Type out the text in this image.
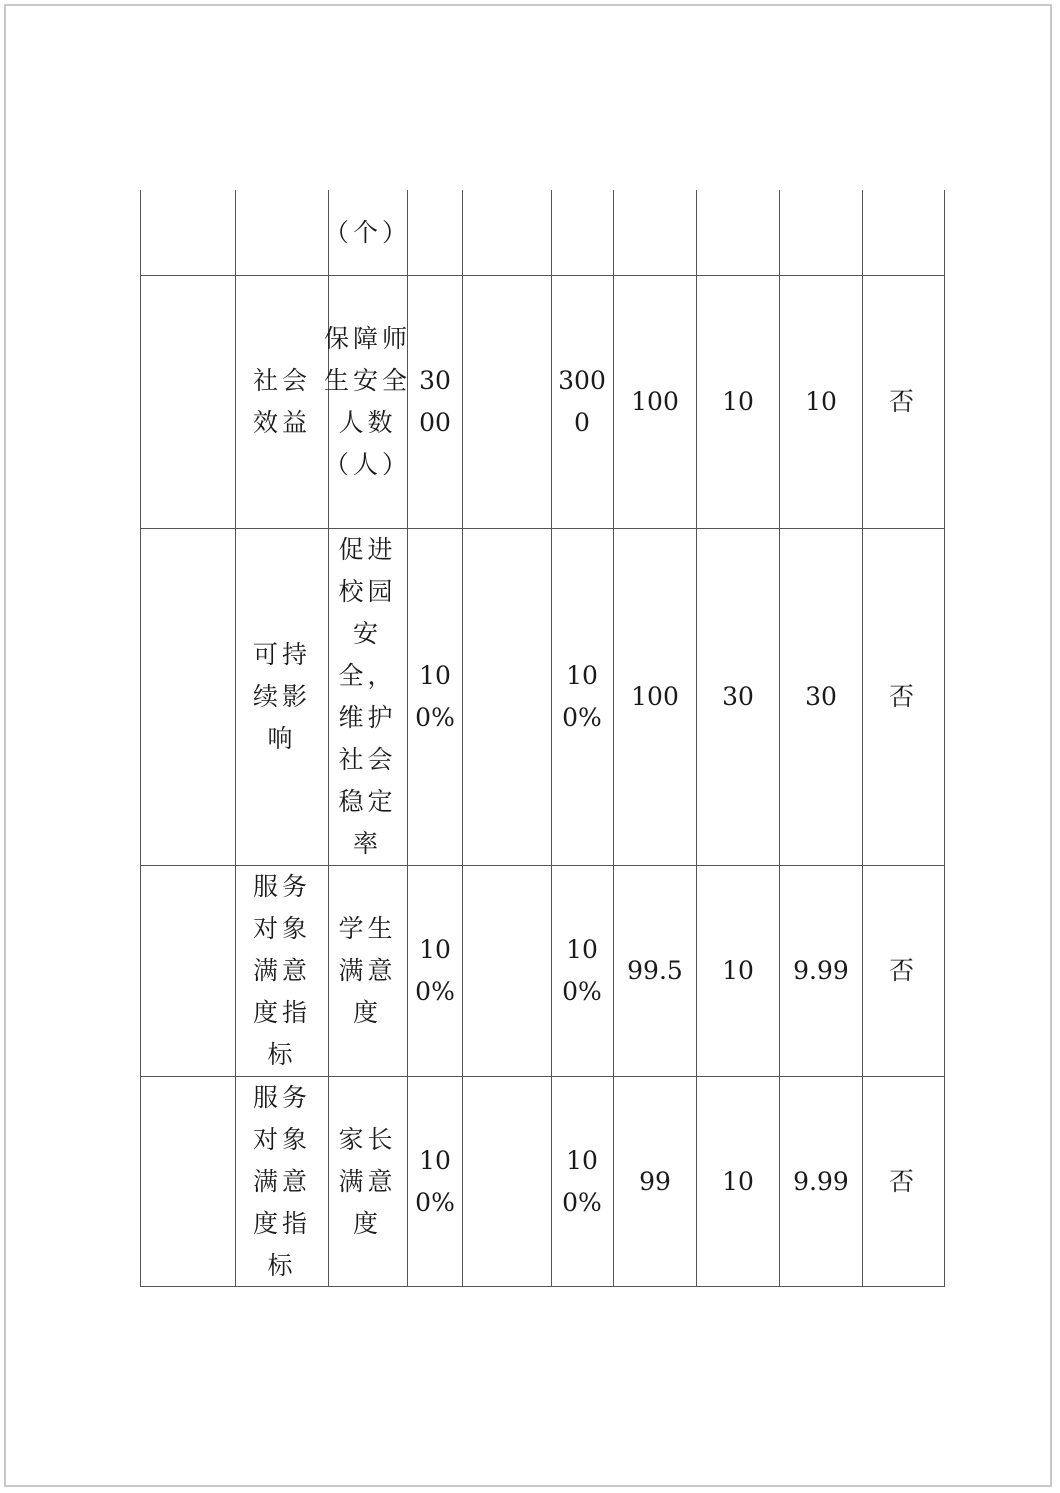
（个）
社会效益
保障师生安全人数（人）
3000
3000
100 10 10 否
可持续影响
促进校园安全，维护社会稳定率
100%
100%
100 30 30 否
服务对象满意度指标
学生满意度
100%
100%
99.5 10 9.99 否
服务对象满意度指标
家长满意度
100%
100%
99 10 9.99 否
